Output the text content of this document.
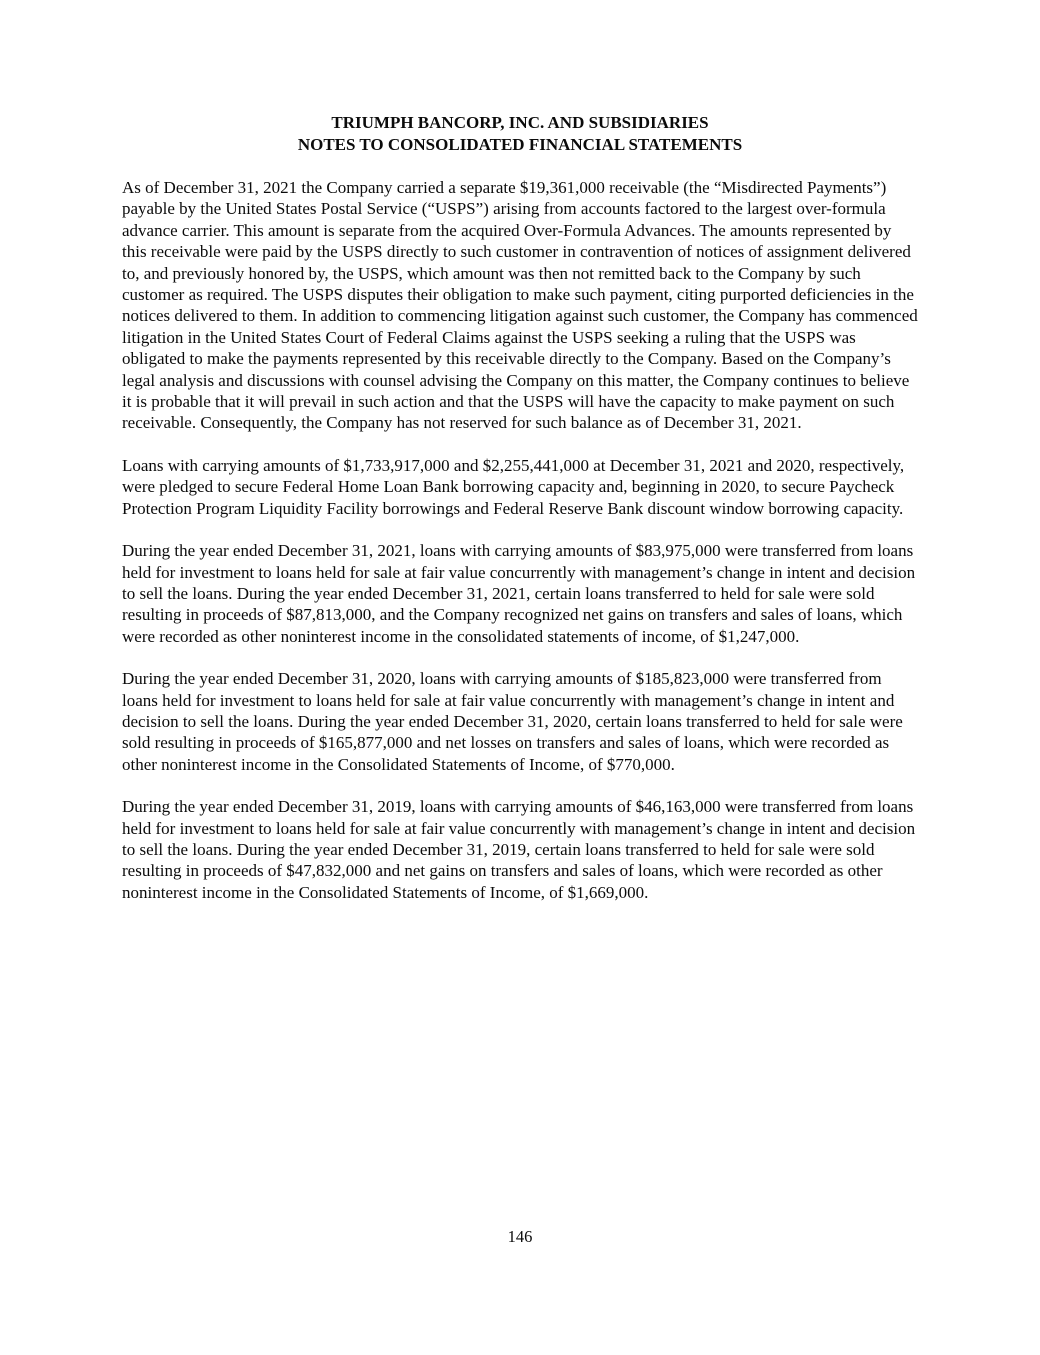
TRIUMPH BANCORP, INC. AND SUBSIDIARIES
NOTES TO CONSOLIDATED FINANCIAL STATEMENTS

As of December 31, 2021 the Company carried a separate $19,361,000 receivable (the “Misdirected Payments”) payable by the United States Postal Service (“USPS”) arising from accounts factored to the largest over-formula advance carrier. This amount is separate from the acquired Over-Formula Advances. The amounts represented by this receivable were paid by the USPS directly to such customer in contravention of notices of assignment delivered to, and previously honored by, the USPS, which amount was then not remitted back to the Company by such customer as required. The USPS disputes their obligation to make such payment, citing purported deficiencies in the notices delivered to them. In addition to commencing litigation against such customer, the Company has commenced litigation in the United States Court of Federal Claims against the USPS seeking a ruling that the USPS was obligated to make the payments represented by this receivable directly to the Company. Based on the Company’s legal analysis and discussions with counsel advising the Company on this matter, the Company continues to believe it is probable that it will prevail in such action and that the USPS will have the capacity to make payment on such receivable. Consequently, the Company has not reserved for such balance as of December 31, 2021.

Loans with carrying amounts of $1,733,917,000 and $2,255,441,000 at December 31, 2021 and 2020, respectively, were pledged to secure Federal Home Loan Bank borrowing capacity and, beginning in 2020, to secure Paycheck Protection Program Liquidity Facility borrowings and Federal Reserve Bank discount window borrowing capacity.

During the year ended December 31, 2021, loans with carrying amounts of $83,975,000 were transferred from loans held for investment to loans held for sale at fair value concurrently with management’s change in intent and decision to sell the loans. During the year ended December 31, 2021, certain loans transferred to held for sale were sold resulting in proceeds of $87,813,000, and the Company recognized net gains on transfers and sales of loans, which were recorded as other noninterest income in the consolidated statements of income, of $1,247,000.

During the year ended December 31, 2020, loans with carrying amounts of $185,823,000 were transferred from loans held for investment to loans held for sale at fair value concurrently with management’s change in intent and decision to sell the loans. During the year ended December 31, 2020, certain loans transferred to held for sale were sold resulting in proceeds of $165,877,000 and net losses on transfers and sales of loans, which were recorded as other noninterest income in the Consolidated Statements of Income, of $770,000.

During the year ended December 31, 2019, loans with carrying amounts of $46,163,000 were transferred from loans held for investment to loans held for sale at fair value concurrently with management’s change in intent and decision to sell the loans. During the year ended December 31, 2019, certain loans transferred to held for sale were sold resulting in proceeds of $47,832,000 and net gains on transfers and sales of loans, which were recorded as other noninterest income in the Consolidated Statements of Income, of $1,669,000.

146
